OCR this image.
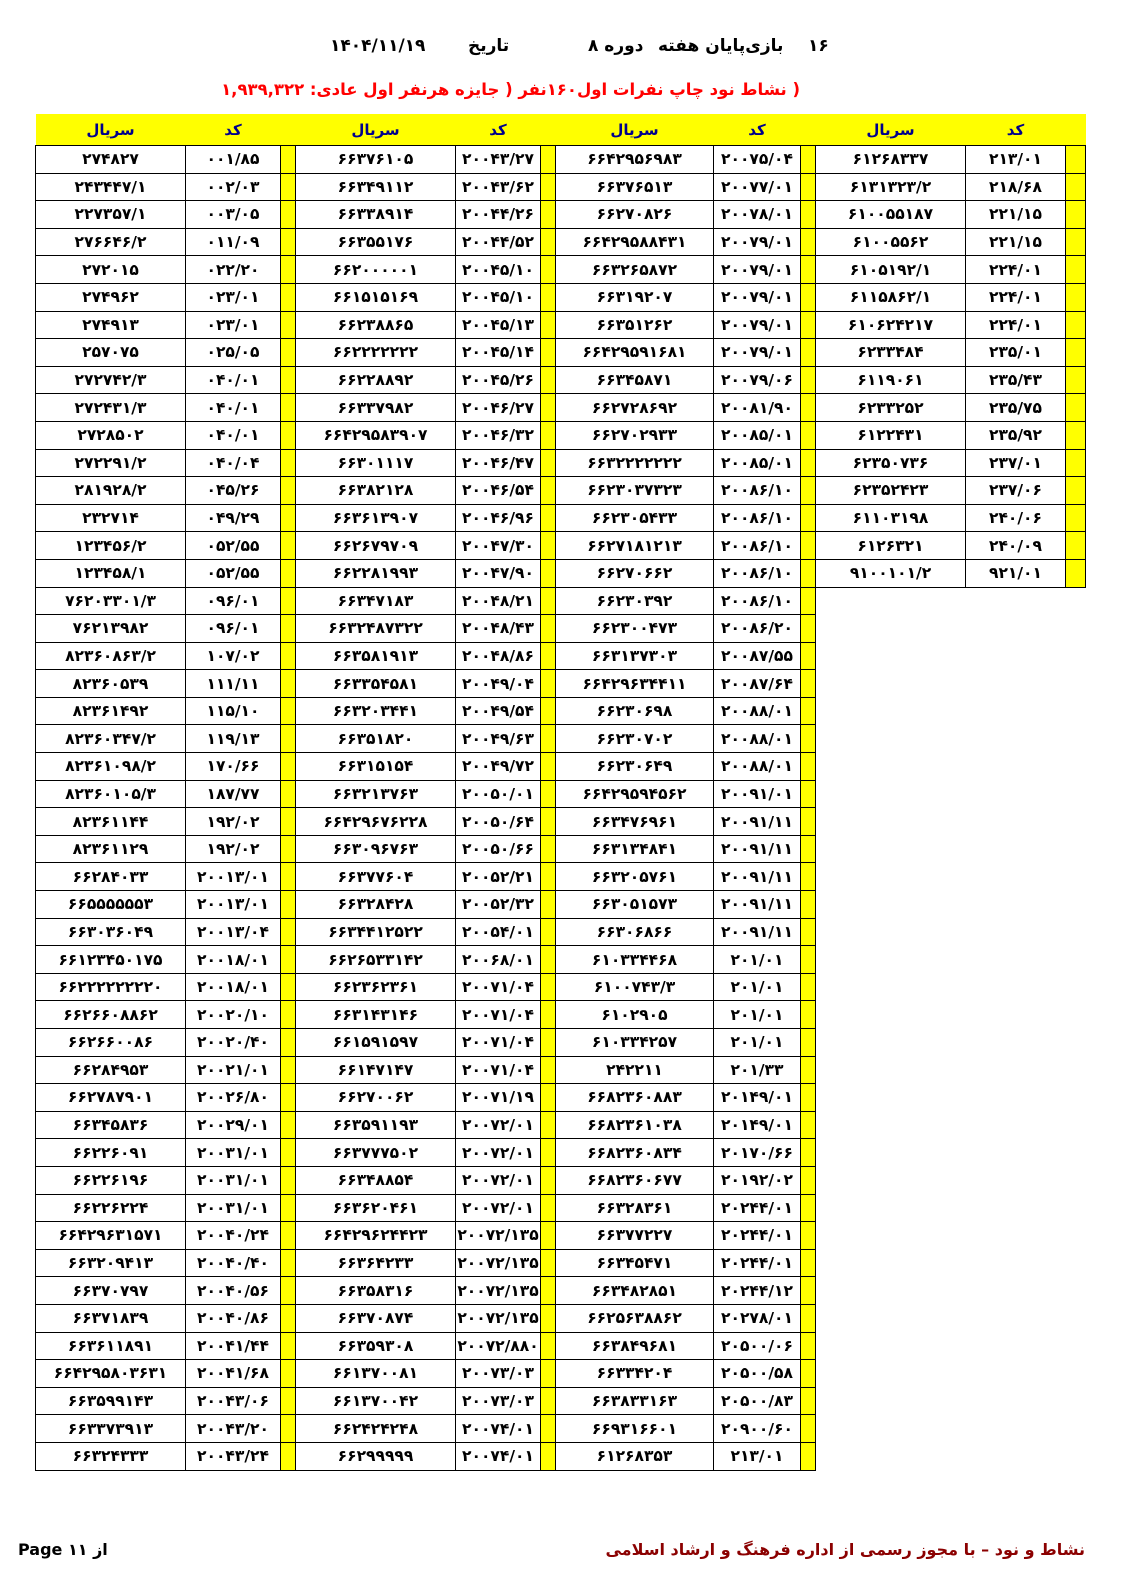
۱۴۰۴/۱۱/۱۹	تاریخ	دوره ۸ بازی‌پایان هفته ۱۶
( نشاط نود چاپ نفرات اول
۱۶۰نفر ( جایزه هرنفر اول عادی: ۱,۹۳۹,۳۲۲
	کد	سریال		کد	سریال		کد	سریال		کد	سریال
	۲۱۳/۰۱	۶۱۲۶۸۳۳۷		۲۰۰۷۵/۰۴	۶۶۴۲۹۵۶۹۸۳		۲۰۰۴۳/۲۷	۶۶۳۷۶۱۰۵		۰۰۱/۸۵	۲۷۴۸۲۷
	۲۱۸/۶۸	۶۱۳۱۳۲۳/۲		۲۰۰۷۷/۰۱	۶۶۳۷۶۵۱۳		۲۰۰۴۳/۶۲	۶۶۳۴۹۱۱۲		۰۰۲/۰۳	۲۴۳۴۴۷/۱
	۲۲۱/۱۵	۶۱۰۰۵۵۱۸۷		۲۰۰۷۸/۰۱	۶۶۲۷۰۸۲۶		۲۰۰۴۴/۲۶	۶۶۳۳۸۹۱۴		۰۰۳/۰۵	۲۲۷۳۵۷/۱
	۲۲۱/۱۵	۶۱۰۰۵۵۶۲		۲۰۰۷۹/۰۱	۶۶۴۲۹۵۸۸۴۳۱		۲۰۰۴۴/۵۲	۶۶۳۵۵۱۷۶		۰۱۱/۰۹	۲۷۶۶۴۶/۲
	۲۲۴/۰۱	۶۱۰۵۱۹۲/۱		۲۰۰۷۹/۰۱	۶۶۳۲۶۵۸۷۲		۲۰۰۴۵/۱۰	۶۶۲۰۰۰۰۰۱		۰۲۲/۲۰	۲۷۲۰۱۵
	۲۲۴/۰۱	۶۱۱۵۸۶۲/۱		۲۰۰۷۹/۰۱	۶۶۳۱۹۲۰۷		۲۰۰۴۵/۱۰	۶۶۱۵۱۵۱۶۹		۰۲۳/۰۱	۲۷۴۹۶۲
	۲۲۴/۰۱	۶۱۰۶۲۴۲۱۷		۲۰۰۷۹/۰۱	۶۶۳۵۱۲۶۲		۲۰۰۴۵/۱۳	۶۶۲۳۸۸۶۵		۰۲۳/۰۱	۲۷۴۹۱۳
	۲۳۵/۰۱	۶۲۳۳۴۸۴		۲۰۰۷۹/۰۱	۶۶۴۲۹۵۹۱۶۸۱		۲۰۰۴۵/۱۴	۶۶۲۲۲۲۲۲۲		۰۲۵/۰۵	۲۵۷۰۷۵
	۲۳۵/۴۳	۶۱۱۹۰۶۱		۲۰۰۷۹/۰۶	۶۶۳۴۵۸۷۱		۲۰۰۴۵/۲۶	۶۶۲۲۸۸۹۲		۰۴۰/۰۱	۲۷۲۷۴۲/۳
	۲۳۵/۷۵	۶۲۳۳۲۵۲		۲۰۰۸۱/۹۰	۶۶۲۷۲۸۶۹۲		۲۰۰۴۶/۲۷	۶۶۳۳۷۹۸۲		۰۴۰/۰۱	۲۷۲۴۳۱/۳
	۲۳۵/۹۲	۶۱۲۲۴۳۱		۲۰۰۸۵/۰۱	۶۶۲۷۰۲۹۳۳		۲۰۰۴۶/۳۲	۶۶۴۲۹۵۸۳۹۰۷		۰۴۰/۰۱	۲۷۲۸۵۰۲
	۲۳۷/۰۱	۶۲۳۵۰۷۳۶		۲۰۰۸۵/۰۱	۶۶۳۲۲۲۲۲۲۲		۲۰۰۴۶/۴۷	۶۶۳۰۱۱۱۷		۰۴۰/۰۴	۲۷۲۲۹۱/۲
	۲۳۷/۰۶	۶۲۳۵۲۴۲۳		۲۰۰۸۶/۱۰	۶۶۲۳۰۳۷۳۲۳		۲۰۰۴۶/۵۴	۶۶۳۸۲۱۲۸		۰۴۵/۲۶	۲۸۱۹۲۸/۲
	۲۴۰/۰۶	۶۱۱۰۳۱۹۸		۲۰۰۸۶/۱۰	۶۶۲۳۰۵۴۳۳		۲۰۰۴۶/۹۶	۶۶۳۶۱۳۹۰۷		۰۴۹/۲۹	۲۳۲۷۱۴
	۲۴۰/۰۹	۶۱۲۶۳۲۱		۲۰۰۸۶/۱۰	۶۶۲۷۱۸۱۲۱۳		۲۰۰۴۷/۳۰	۶۶۲۶۷۹۷۰۹		۰۵۲/۵۵	۱۲۳۴۵۶/۲
	۹۲۱/۰۱	۹۱۰۰۱۰۱/۲		۲۰۰۸۶/۱۰	۶۶۲۷۰۶۶۲		۲۰۰۴۷/۹۰	۶۶۲۲۸۱۹۹۳		۰۵۲/۵۵	۱۲۳۴۵۸/۱
				۲۰۰۸۶/۱۰	۶۶۲۳۰۳۹۲		۲۰۰۴۸/۲۱	۶۶۳۴۷۱۸۳		۰۹۶/۰۱	۷۶۲۰۳۳۰۱/۳
				۲۰۰۸۶/۲۰	۶۶۲۳۰۰۴۷۳		۲۰۰۴۸/۴۳	۶۶۳۲۴۸۷۳۲۲		۰۹۶/۰۱	۷۶۲۱۳۹۸۲
				۲۰۰۸۷/۵۵	۶۶۳۱۳۷۳۰۳		۲۰۰۴۸/۸۶	۶۶۳۵۸۱۹۱۳		۱۰۷/۰۲	۸۲۳۶۰۸۶۳/۲
				۲۰۰۸۷/۶۴	۶۶۴۲۹۶۳۴۴۱۱		۲۰۰۴۹/۰۴	۶۶۳۳۵۴۵۸۱		۱۱۱/۱۱	۸۲۳۶۰۵۳۹
				۲۰۰۸۸/۰۱	۶۶۲۳۰۶۹۸		۲۰۰۴۹/۵۴	۶۶۳۲۰۳۴۴۱		۱۱۵/۱۰	۸۲۳۶۱۴۹۲
				۲۰۰۸۸/۰۱	۶۶۲۳۰۷۰۲		۲۰۰۴۹/۶۳	۶۶۳۵۱۸۲۰		۱۱۹/۱۳	۸۲۳۶۰۳۴۷/۲
				۲۰۰۸۸/۰۱	۶۶۲۳۰۶۴۹		۲۰۰۴۹/۷۲	۶۶۳۱۵۱۵۴		۱۷۰/۶۶	۸۲۳۶۱۰۹۸/۲
				۲۰۰۹۱/۰۱	۶۶۴۲۹۵۹۴۵۶۲		۲۰۰۵۰/۰۱	۶۶۳۲۱۳۷۶۳		۱۸۷/۷۷	۸۲۳۶۰۱۰۵/۳
				۲۰۰۹۱/۱۱	۶۶۳۴۷۶۹۶۱		۲۰۰۵۰/۶۴	۶۶۴۲۹۶۷۶۲۲۸		۱۹۲/۰۲	۸۲۳۶۱۱۴۴
				۲۰۰۹۱/۱۱	۶۶۳۱۳۴۸۴۱		۲۰۰۵۰/۶۶	۶۶۳۰۹۶۷۶۳		۱۹۲/۰۲	۸۲۳۶۱۱۲۹
				۲۰۰۹۱/۱۱	۶۶۳۲۰۵۷۶۱		۲۰۰۵۲/۲۱	۶۶۳۷۷۶۰۴		۲۰۰۱۳/۰۱	۶۶۲۸۴۰۳۳
				۲۰۰۹۱/۱۱	۶۶۳۰۵۱۵۷۳		۲۰۰۵۲/۳۲	۶۶۳۲۸۴۲۸		۲۰۰۱۳/۰۱	۶۶۵۵۵۵۵۵۳
				۲۰۰۹۱/۱۱	۶۶۳۰۶۸۶۶		۲۰۰۵۴/۰۱	۶۶۳۴۴۱۲۵۲۲		۲۰۰۱۳/۰۴	۶۶۳۰۳۶۰۴۹
				۲۰۱/۰۱	۶۱۰۳۳۴۴۶۸		۲۰۰۶۸/۰۱	۶۶۲۶۵۳۳۱۴۲		۲۰۰۱۸/۰۱	۶۶۱۲۳۴۵۰۱۷۵
				۲۰۱/۰۱	۶۱۰۰۷۴۳/۳		۲۰۰۷۱/۰۴	۶۶۲۳۶۲۳۶۱		۲۰۰۱۸/۰۱	۶۶۲۲۲۲۲۲۲۲۰
				۲۰۱/۰۱	۶۱۰۲۹۰۵		۲۰۰۷۱/۰۴	۶۶۳۱۴۳۱۴۶		۲۰۰۲۰/۱۰	۶۶۲۶۶۰۸۸۶۲
				۲۰۱/۰۱	۶۱۰۳۳۴۲۵۷		۲۰۰۷۱/۰۴	۶۶۱۵۹۱۵۹۷		۲۰۰۲۰/۴۰	۶۶۲۶۶۰۰۸۶
				۲۰۱/۳۳	۲۴۲۲۱۱		۲۰۰۷۱/۰۴	۶۶۱۴۷۱۴۷		۲۰۰۲۱/۰۱	۶۶۲۸۴۹۵۳
				۲۰۱۴۹/۰۱	۶۶۸۲۳۶۰۸۸۳		۲۰۰۷۱/۱۹	۶۶۲۷۰۰۶۲		۲۰۰۲۶/۸۰	۶۶۲۷۸۷۹۰۱
				۲۰۱۴۹/۰۱	۶۶۸۲۳۶۱۰۳۸		۲۰۰۷۲/۰۱	۶۶۳۵۹۱۱۹۳		۲۰۰۲۹/۰۱	۶۶۳۴۵۸۳۶
				۲۰۱۷۰/۶۶	۶۶۸۲۳۶۰۸۳۴		۲۰۰۷۲/۰۱	۶۶۳۷۷۷۵۰۲		۲۰۰۳۱/۰۱	۶۶۲۲۶۰۹۱
				۲۰۱۹۲/۰۲	۶۶۸۲۳۶۰۶۷۷		۲۰۰۷۲/۰۱	۶۶۳۴۸۸۵۴		۲۰۰۳۱/۰۱	۶۶۲۲۶۱۹۶
				۲۰۲۴۴/۰۱	۶۶۳۲۸۳۶۱		۲۰۰۷۲/۰۱	۶۶۳۶۲۰۴۶۱		۲۰۰۳۱/۰۱	۶۶۲۲۶۲۲۴
				۲۰۲۴۴/۰۱	۶۶۳۷۷۲۲۷		۲۰۰۷۲/۱۳۵	۶۶۴۲۹۶۲۴۴۲۳		۲۰۰۴۰/۲۴	۶۶۴۲۹۶۳۱۵۷۱
				۲۰۲۴۴/۰۱	۶۶۳۴۵۴۷۱		۲۰۰۷۲/۱۳۵	۶۶۳۶۴۲۳۳		۲۰۰۴۰/۴۰	۶۶۳۲۰۹۴۱۳
				۲۰۲۴۴/۱۲	۶۶۳۴۸۲۸۵۱		۲۰۰۷۲/۱۳۵	۶۶۳۵۸۳۱۶		۲۰۰۴۰/۵۶	۶۶۳۷۰۷۹۷
				۲۰۲۷۸/۰۱	۶۶۲۵۶۳۸۸۶۲		۲۰۰۷۲/۱۳۵	۶۶۳۷۰۸۷۴		۲۰۰۴۰/۸۶	۶۶۳۷۱۸۳۹
				۲۰۵۰۰/۰۶	۶۶۳۸۴۹۶۸۱		۲۰۰۷۲/۸۸۰	۶۶۳۵۹۳۰۸		۲۰۰۴۱/۴۴	۶۶۳۶۱۱۸۹۱
				۲۰۵۰۰/۵۸	۶۶۳۳۴۲۰۴		۲۰۰۷۳/۰۳	۶۶۱۳۷۰۰۸۱		۲۰۰۴۱/۶۸	۶۶۴۲۹۵۸۰۳۶۳۱
				۲۰۵۰۰/۸۳	۶۶۳۸۳۳۱۶۳		۲۰۰۷۳/۰۳	۶۶۱۳۷۰۰۴۲		۲۰۰۴۳/۰۶	۶۶۳۵۹۹۱۴۳
				۲۰۹۰۰/۶۰	۶۶۹۳۱۶۶۰۱		۲۰۰۷۴/۰۱	۶۶۲۴۲۴۲۴۸		۲۰۰۴۳/۲۰	۶۶۳۳۷۳۹۱۳
				۲۱۳/۰۱	۶۱۲۶۸۳۵۳		۲۰۰۷۴/۰۱	۶۶۲۹۹۹۹۹		۲۰۰۴۳/۲۴	۶۶۳۲۴۳۳۳
نشاط و نود – با مجوز رسمی از اداره فرهنگ و ارشاد اسلامی
از ۱۱ Page
